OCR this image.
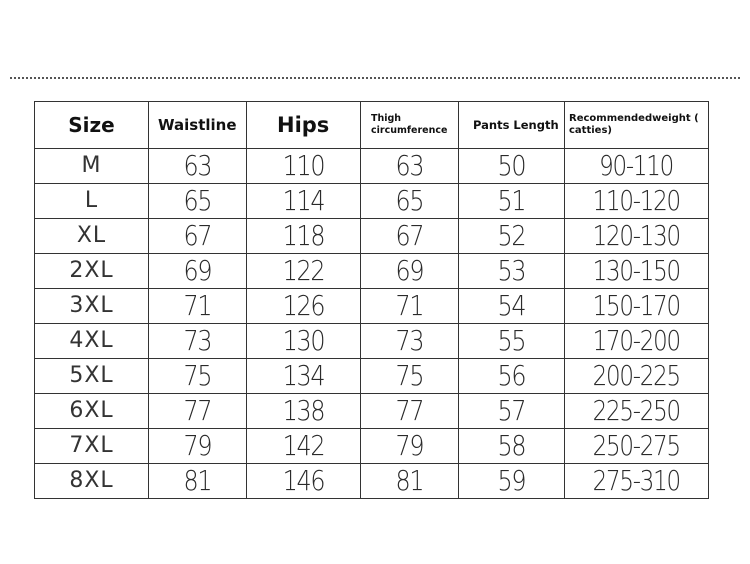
Size	Waistline	Hips	Thigh circumference	Pants Length	Recommendedweight ( catties)
M	63	110	63	50	90-110
L	65	114	65	51	110-120
XL	67	118	67	52	120-130
2XL	69	122	69	53	130-150
3XL	71	126	71	54	150-170
4XL	73	130	73	55	170-200
5XL	75	134	75	56	200-225
6XL	77	138	77	57	225-250
7XL	79	142	79	58	250-275
8XL	81	146	81	59	275-310
